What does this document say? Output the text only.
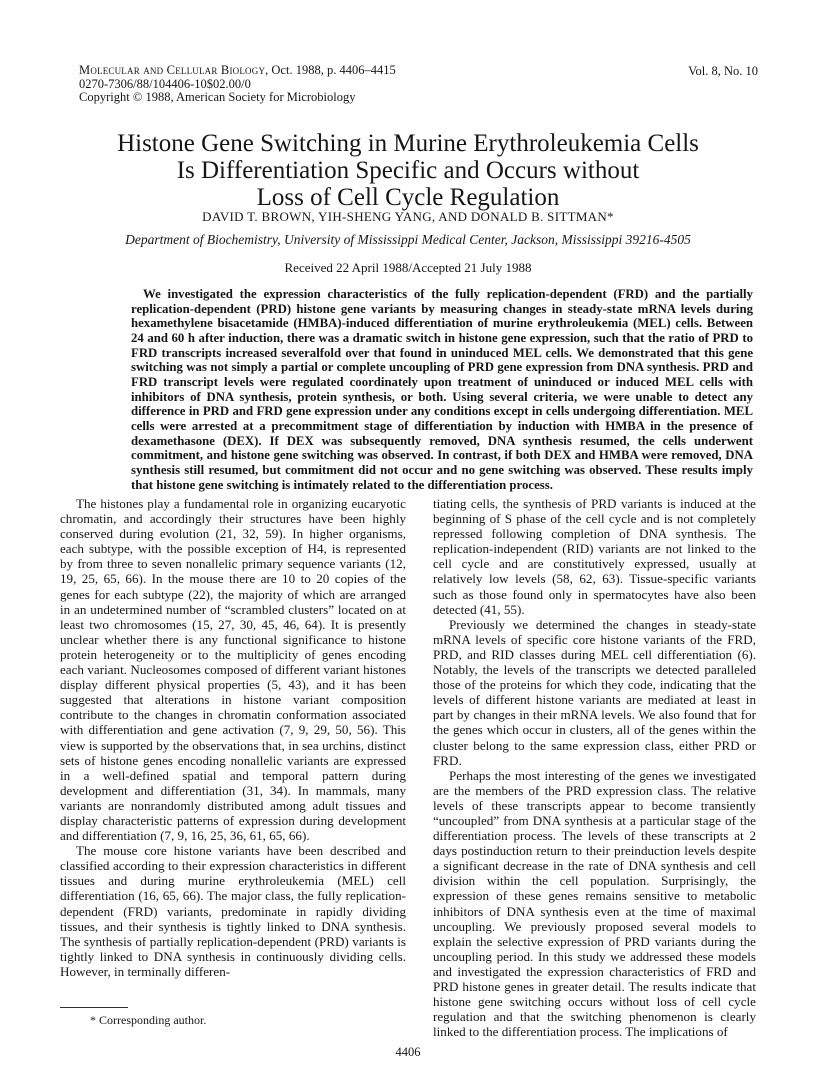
Molecular and Cellular Biology, Oct. 1988, p. 4406–4415
0270-7306/88/104406-10$02.00/0
Copyright © 1988, American Society for Microbiology
Vol. 8, No. 10
Histone Gene Switching in Murine Erythroleukemia Cells
Is Differentiation Specific and Occurs without
Loss of Cell Cycle Regulation
DAVID T. BROWN, YIH-SHENG YANG, AND DONALD B. SITTMAN*
Department of Biochemistry, University of Mississippi Medical Center, Jackson, Mississippi 39216-4505
Received 22 April 1988/Accepted 21 July 1988

We investigated the expression characteristics of the fully replication-dependent (FRD) and the partially replication-dependent (PRD) histone gene variants by measuring changes in steady-state mRNA levels during hexamethylene bisacetamide (HMBA)-induced differentiation of murine erythroleukemia (MEL) cells. Between 24 and 60 h after induction, there was a dramatic switch in histone gene expression, such that the ratio of PRD to FRD transcripts increased severalfold over that found in uninduced MEL cells. We demonstrated that this gene switching was not simply a partial or complete uncoupling of PRD gene expression from DNA synthesis. PRD and FRD transcript levels were regulated coordinately upon treatment of uninduced or induced MEL cells with inhibitors of DNA synthesis, protein synthesis, or both. Using several criteria, we were unable to detect any difference in PRD and FRD gene expression under any conditions except in cells undergoing differentiation. MEL cells were arrested at a precommitment stage of differentiation by induction with HMBA in the presence of dexamethasone (DEX). If DEX was subsequently removed, DNA synthesis resumed, the cells underwent commitment, and histone gene switching was observed. In contrast, if both DEX and HMBA were removed, DNA synthesis still resumed, but commitment did not occur and no gene switching was observed. These results imply that histone gene switching is intimately related to the differentiation process.

The histones play a fundamental role in organizing eucaryotic chromatin, and accordingly their structures have been highly conserved during evolution (21, 32, 59). In higher organisms, each subtype, with the possible exception of H4, is represented by from three to seven nonallelic primary sequence variants (12, 19, 25, 65, 66). In the mouse there are 10 to 20 copies of the genes for each subtype (22), the majority of which are arranged in an undetermined number of “scrambled clusters” located on at least two chromosomes (15, 27, 30, 45, 46, 64). It is presently unclear whether there is any functional significance to histone protein heterogeneity or to the multiplicity of genes encoding each variant. Nucleosomes composed of different variant histones display different physical properties (5, 43), and it has been suggested that alterations in histone variant composition contribute to the changes in chromatin conformation associated with differentiation and gene activation (7, 9, 29, 50, 56). This view is supported by the observations that, in sea urchins, distinct sets of histone genes encoding nonallelic variants are expressed in a well-defined spatial and temporal pattern during development and differentiation (31, 34). In mammals, many variants are nonrandomly distributed among adult tissues and display characteristic patterns of expression during development and differentiation (7, 9, 16, 25, 36, 61, 65, 66).

The mouse core histone variants have been described and classified according to their expression characteristics in different tissues and during murine erythroleukemia (MEL) cell differentiation (16, 65, 66). The major class, the fully replication-dependent (FRD) variants, predominate in rapidly dividing tissues, and their synthesis is tightly linked to DNA synthesis. The synthesis of partially replication-dependent (PRD) variants is tightly linked to DNA synthesis in continuously dividing cells. However, in terminally differen-

tiating cells, the synthesis of PRD variants is induced at the beginning of S phase of the cell cycle and is not completely repressed following completion of DNA synthesis. The replication-independent (RID) variants are not linked to the cell cycle and are constitutively expressed, usually at relatively low levels (58, 62, 63). Tissue-specific variants such as those found only in spermatocytes have also been detected (41, 55).

Previously we determined the changes in steady-state mRNA levels of specific core histone variants of the FRD, PRD, and RID classes during MEL cell differentiation (6). Notably, the levels of the transcripts we detected paralleled those of the proteins for which they code, indicating that the levels of different histone variants are mediated at least in part by changes in their mRNA levels. We also found that for the genes which occur in clusters, all of the genes within the cluster belong to the same expression class, either PRD or FRD.

Perhaps the most interesting of the genes we investigated are the members of the PRD expression class. The relative levels of these transcripts appear to become transiently “uncoupled” from DNA synthesis at a particular stage of the differentiation process. The levels of these transcripts at 2 days postinduction return to their preinduction levels despite a significant decrease in the rate of DNA synthesis and cell division within the cell population. Surprisingly, the expression of these genes remains sensitive to metabolic inhibitors of DNA synthesis even at the time of maximal uncoupling. We previously proposed several models to explain the selective expression of PRD variants during the uncoupling period. In this study we addressed these models and investigated the expression characteristics of FRD and PRD histone genes in greater detail. The results indicate that histone gene switching occurs without loss of cell cycle regulation and that the switching phenomenon is clearly linked to the differentiation process. The implications of

* Corresponding author.
4406
